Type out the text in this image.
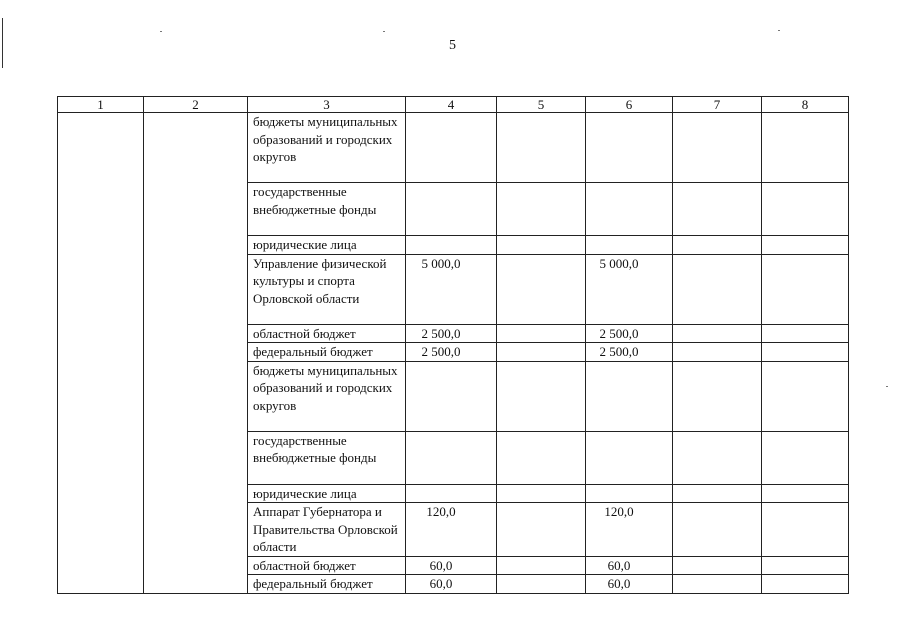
5
1	2	3	4	5	6	7	8
		бюджеты муниципальных образований и городских округов					
		государственные внебюджетные фонды					
		юридические лица					
		Управление физической культуры и спорта Орловской области	5 000,0		5 000,0		
		областной бюджет	2 500,0		2 500,0		
		федеральный бюджет	2 500,0		2 500,0		
		бюджеты муниципальных образований и городских округов					
		государственные внебюджетные фонды					
		юридические лица					
		Аппарат Губернатора и Правительства Орловской области	120,0		120,0		
		областной бюджет	60,0		60,0		
		федеральный бюджет	60,0		60,0		
